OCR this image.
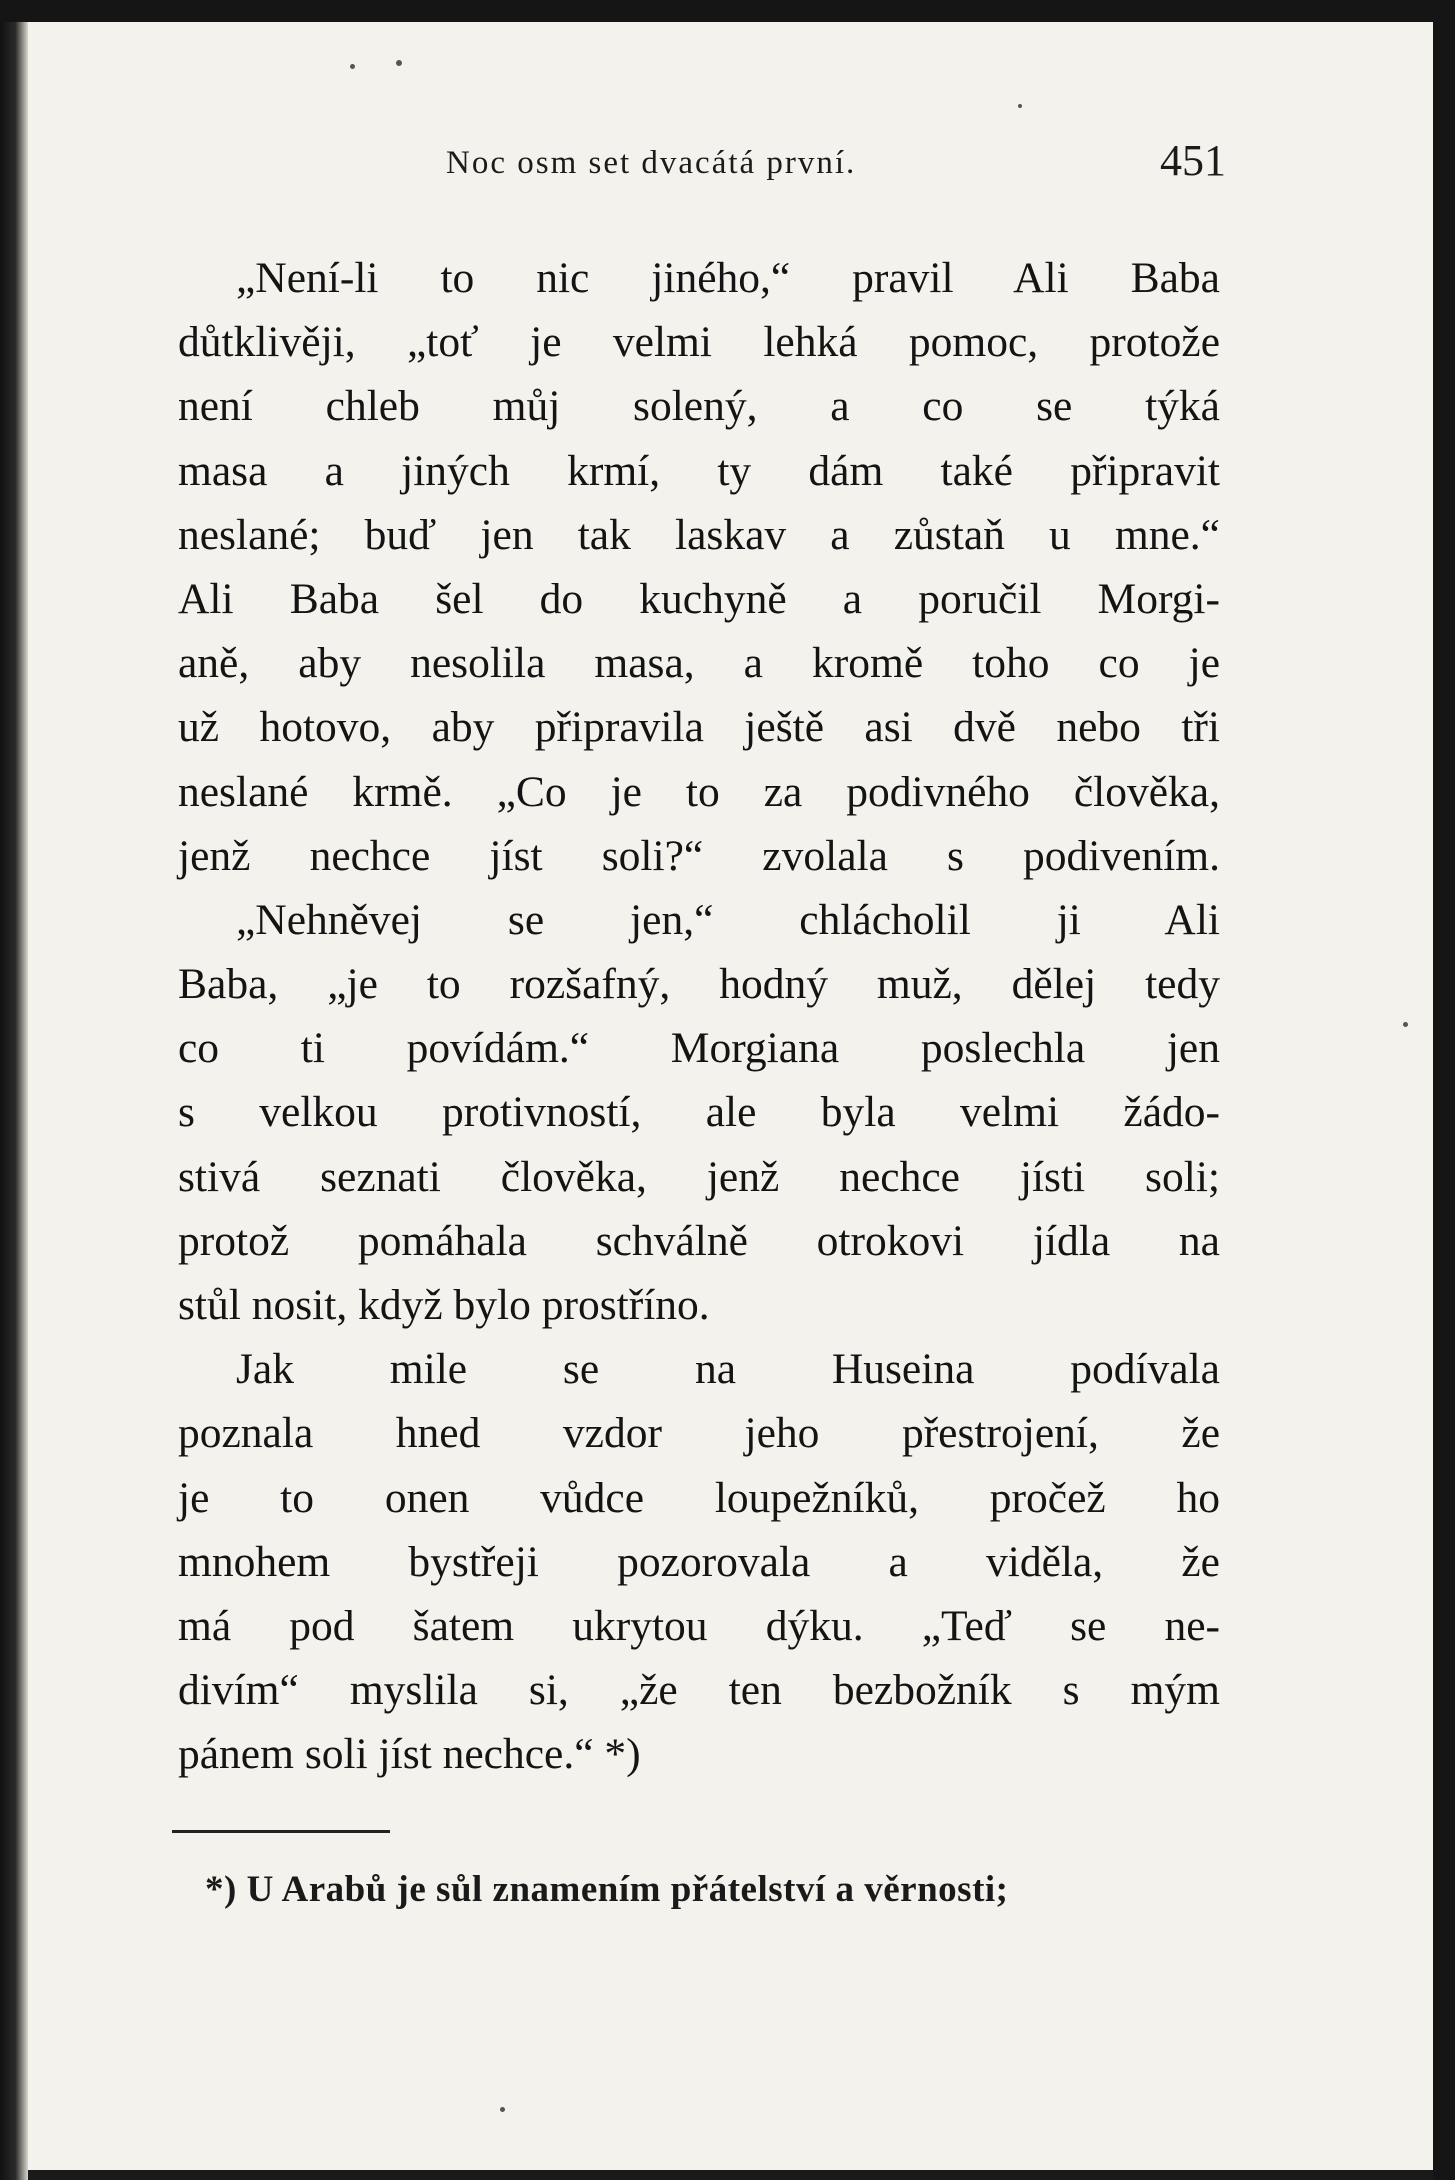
Noc osm set dvacátá první.	451
„Není-li to nic jiného,“ pravil Ali Baba
důtklivěji, „toť je velmi lehká pomoc, protože
není chleb můj solený, a co se týká
masa a jiných krmí, ty dám také připravit
neslané; buď jen tak laskav a zůstaň u mne.“
Ali Baba šel do kuchyně a poručil Morgi-
aně, aby nesolila masa, a kromě toho co je
už hotovo, aby připravila ještě asi dvě nebo tři
neslané krmě. „Co je to za podivného člověka,
jenž nechce jíst soli?“ zvolala s podivením.
„Nehněvej se jen,“ chlácholil ji Ali
Baba, „je to rozšafný, hodný muž, dělej tedy
co ti povídám.“ Morgiana poslechla jen
s velkou protivností, ale byla velmi žádo-
stivá seznati člověka, jenž nechce jísti soli;
protož pomáhala schválně otrokovi jídla na
stůl nosit, když bylo prostříno.
Jak mile se na Huseina podívala
poznala hned vzdor jeho přestrojení, že
je to onen vůdce loupežníků, pročež ho
mnohem bystřeji pozorovala a viděla, že
má pod šatem ukrytou dýku. „Teď se ne-
divím“ myslila si, „že ten bezbožník s mým
pánem soli jíst nechce.“ *)
*) U Arabů je sůl znamením přátelství a věrnosti;
